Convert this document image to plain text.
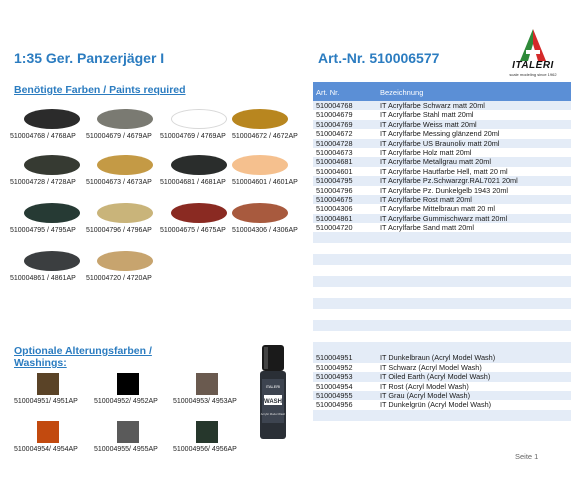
ITALERI
scale modeling since 1962
1:35 Ger. Panzerjäger I	Art.-Nr. 510006577
Benötigte Farben / Paints required
510004768 / 4768AP 510004679 / 4679AP 510004769 / 4769AP 510004672 / 4672AP
510004728 / 4728AP 510004673 / 4673AP 510004681 / 4681AP 510004601 / 4601AP
510004795 / 4795AP 510004796 / 4796AP 510004675 / 4675AP 510004306 / 4306AP
510004861 / 4861AP 510004720 / 4720AP
Optionale Alterungsfarben /
Washings:
510004951/ 4951AP 510004952/ 4952AP 510004953/ 4953AP
510004954/ 4954AP 510004955/ 4955AP 510004956/ 4956AP
WASH
ITALERI
Acrylic Model Wash
Art. Nr.	Bezeichnung
510004768	IT Acrylfarbe Schwarz matt 20ml
510004679	IT Acrylfarbe Stahl matt 20ml
510004769	IT Acrylfarbe Weiss matt 20ml
510004672	IT Acrylfarbe Messing glänzend 20ml
510004728	IT Acrylfarbe US Braunoliv matt 20ml
510004673	IT Acrylfarbe Holz matt 20ml
510004681	IT Acrylfarbe Metallgrau matt 20ml
510004601	IT Acrylfarbe Hautfarbe Hell, matt 20 ml
510004795	IT Acrylfarbe Pz.Schwarzgr.RAL7021 20ml
510004796	IT Acrylfarbe Pz. Dunkelgelb 1943 20ml
510004675	IT Acrylfarbe Rost matt 20ml
510004306	IT Acrylfarbe Mittelbraun matt 20 ml
510004861	IT Acrylfarbe Gummischwarz matt 20ml
510004720	IT Acrylfarbe Sand matt 20ml
510004951	IT Dunkelbraun (Acryl Model Wash)
510004952	IT Schwarz (Acryl Model Wash)
510004953	IT Oiled Earth (Acryl Model Wash)
510004954	IT Rost (Acryl Model Wash)
510004955	IT Grau (Acryl Model Wash)
510004956	IT Dunkelgrün (Acryl Model Wash)
Seite 1
